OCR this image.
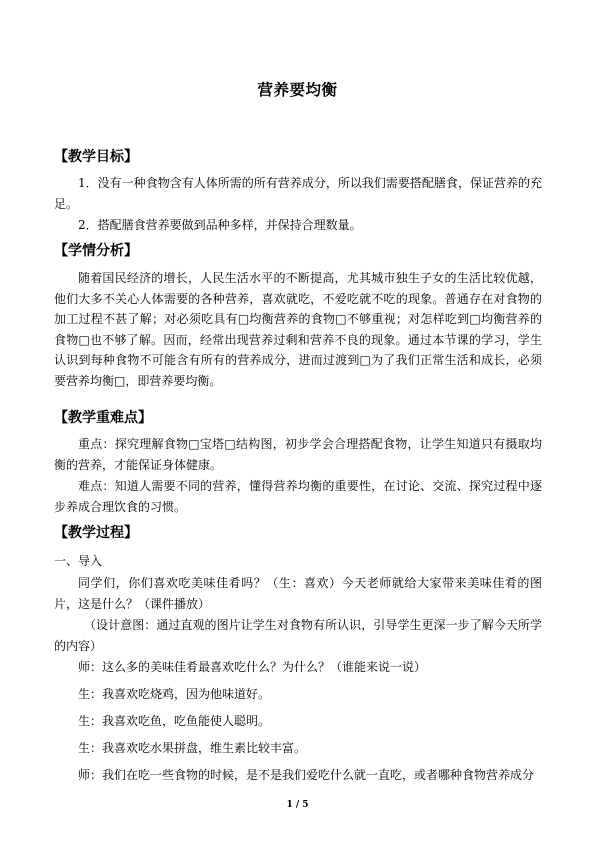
营养要均衡
【教学目标】

1．没有一种食物含有人体所需的所有营养成分，所以我们需要搭配膳食，保证营养的充足。

2．搭配膳食营养要做到品种多样，并保持合理数量。

【学情分析】

随着国民经济的增长，人民生活水平的不断提高，尤其城市独生子女的生活比较优越，他们大多不关心人体需要的各种营养，喜欢就吃，不爱吃就不吃的现象。普通存在对食物的加工过程不甚了解；对必须吃具有□均衡营养的食物□不够重视；对怎样吃到□均衡营养的食物□也不够了解。因而，经常出现营养过剩和营养不良的现象。通过本节课的学习，学生认识到每种食物不可能含有所有的营养成分，进而过渡到□为了我们正常生活和成长，必须要营养均衡□，即营养要均衡。

【教学重难点】

重点：探究理解食物□宝塔□结构图，初步学会合理搭配食物，让学生知道只有摄取均衡的营养，才能保证身体健康。

难点：知道人需要不同的营养，懂得营养均衡的重要性，在讨论、交流、探究过程中逐步养成合理饮食的习惯。

【教学过程】
一、导入

同学们，你们喜欢吃美味佳肴吗？（生：喜欢）今天老师就给大家带来美味佳肴的图片，这是什么？（课件播放）

（设计意图：通过直观的图片让学生对食物有所认识，引导学生更深一步了解今天所学的内容）

师：这么多的美味佳肴最喜欢吃什么？为什么？（谁能来说一说）
生：我喜欢吃烧鸡，因为他味道好。
生：我喜欢吃鱼，吃鱼能使人聪明。
生：我喜欢吃水果拼盘，维生素比较丰富。
师：我们在吃一些食物的时候，是不是我们爱吃什么就一直吃，或者哪种食物营养成分
1 / 5
